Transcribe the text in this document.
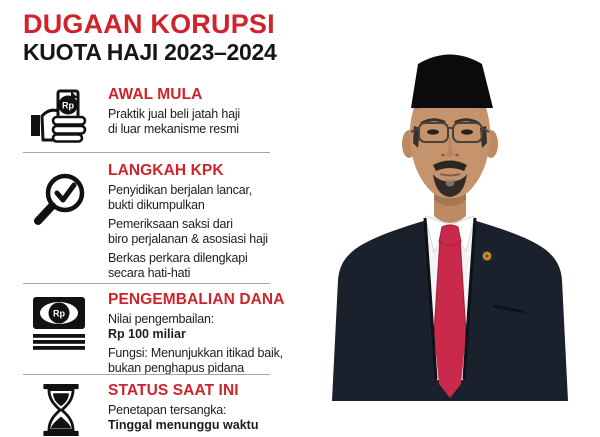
DUGAAN KORUPSI
KUOTA HAJI 2023–2024
Rp
AWAL MULA
Praktik jual beli jatah haji
di luar mekanisme resmi
LANGKAH KPK
Penyidikan berjalan lancar,
bukti dikumpulkan
Pemeriksaan saksi dari
biro perjalanan & asosiasi haji
Berkas perkara dilengkapi
secara hati-hati
Rp
PENGEMBALIAN DANA
Nilai pengembailan:
Rp 100 miliar
Fungsi: Menunjukkan itikad baik,
bukan penghapus pidana
STATUS SAAT INI
Penetapan tersangka:
Tinggal menunggu waktu
